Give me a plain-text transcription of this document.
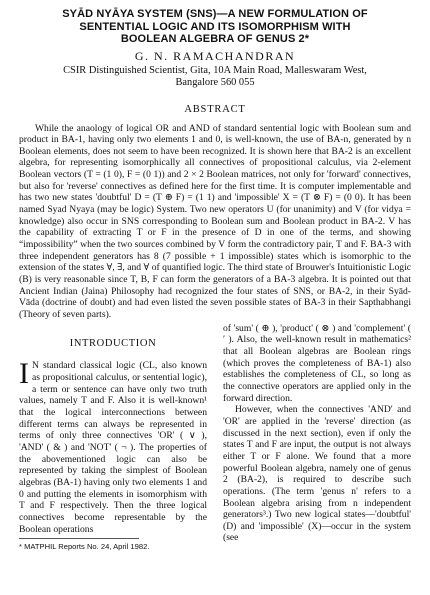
SYĀD NYĀYA SYSTEM (SNS)—A NEW FORMULATION OF

SENTENTIAL LOGIC AND ITS ISOMORPHISM WITH

BOOLEAN ALGEBRA OF GENUS 2*

G. N. RAMACHANDRAN

CSIR Distinguished Scientist, Gita, 10A Main Road, Malleswaram West,

Bangalore 560 055

ABSTRACT

While the anaology of logical OR and AND of standard sentential logic with Boolean sum and product in BA-1, having only two elements 1 and 0, is well-known, the use of BA-n, generated by n Boolean elements, does not seem to have been recognized. It is shown here that BA-2 is an excellent algebra, for representing isomorphically all connectives of propositional calculus, via 2-element Boolean vectors (T = (1 0), F = (0 1)) and 2 × 2 Boolean matrices, not only for 'forward' connectives, but also for 'reverse' connectives as defined here for the first time. It is computer implementable and has two new states 'doubtful' D = (T ⊕ F) = (1 1) and 'impossible' X = (T ⊗ F) = (0 0). It has been named Syad Nyaya (may be logic) System. Two new operators U (for unanimity) and V (for vidya = knowledge) also occur in SNS corresponding to Boolean sum and Boolean product in BA-2. V has the capability of extracting T or F in the presence of D in one of the terms, and showing “impossibility” when the two sources combined by V form the contradictory pair, T and F. BA-3 with three independent generators has 8 (7 possible + 1 impossible) states which is isomorphic to the extension of the states ∀, ∃, and ∀ of quantified logic. The third state of Brouwer's Intuitionistic Logic (B) is very reasonable since T, B, F can form the generators of a BA-3 algebra. It is pointed out that Ancient Indian (Jaina) Philosophy had recognized the four states of SNS, or BA-2, in their Syād-Vāda (doctrine of doubt) and had even listed the seven possible states of BA-3 in their Sapthabhangi (Theory of seven parts).

INTRODUCTION

I N standard classical logic (CL, also known as propositional calculus, or sentential logic), a term or sentence can have only two truth values, namely T and F. Also it is well-known¹ that the logical interconnections between different terms can always be represented in terms of only three connectives 'OR' ( ∨ ), 'AND' ( & ) and 'NOT' ( ¬ ). The properties of the abovementioned logic can also be represented by taking the simplest of Boolean algebras (BA-1) having only two elements 1 and 0 and putting the elements in isomorphism with T and F respectively. Then the three logical connectives become representable by the Boolean operations

* MATPHIL Reports No. 24, April 1982.

of 'sum' ( ⊕ ), 'product' ( ⊗ ) and 'complement' ( ′ ). Also, the well-known result in mathematics² that all Boolean algebras are Boolean rings (which proves the completeness of BA-1) also establishes the completeness of CL, so long as the connective operators are applied only in the forward direction.

However, when the connectives 'AND' and 'OR' are applied in the 'reverse' direction (as discussed in the next section), even if only the states T and F are input, the output is not always either T or F alone. We found that a more powerful Boolean algebra, namely one of genus 2 (BA-2), is required to describe such operations. (The term 'genus n' refers to a Boolean algebra arising from n independent generators³.) Two new logical states—'doubtful' (D) and 'impossible' (X)—occur in the system (see
